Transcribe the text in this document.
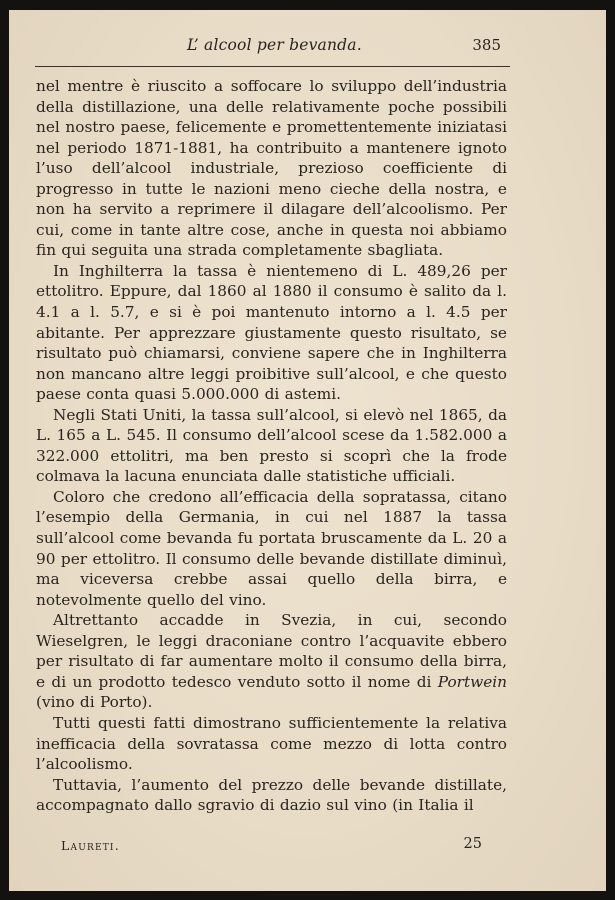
L’ alcool per bevanda.	385

nel mentre è riuscito a soffocare lo sviluppo dell’industria della distillazione, una delle relativamente poche possibili nel nostro paese, felicemente e promettentemente iniziatasi nel periodo 1871-1881, ha contribuito a mantenere ignoto l’uso dell’alcool industriale, prezioso coefficiente di progresso in tutte le nazioni meno cieche della nostra, e non ha servito a reprimere il dilagare dell’alcoolismo. Per cui, come in tante altre cose, anche in questa noi abbiamo fin qui seguita una strada completamente sbagliata.

In Inghilterra la tassa è nientemeno di L. 489,26 per ettolitro. Eppure, dal 1860 al 1880 il consumo è salito da l. 4.1 a l. 5.7, e si è poi mantenuto intorno a l. 4.5 per abitante. Per apprezzare giustamente questo risultato, se risultato può chiamarsi, conviene sapere che in Inghilterra non mancano altre leggi proibitive sull’alcool, e che questo paese conta quasi 5.000.000 di astemi.

Negli Stati Uniti, la tassa sull’alcool, si elevò nel 1865, da L. 165 a L. 545. Il consumo dell’alcool scese da 1.582.000 a 322.000 ettolitri, ma ben presto si scoprì che la frode colmava la lacuna enunciata dalle statistiche ufficiali.

Coloro che credono all’efficacia della sopratassa, citano l’esempio della Germania, in cui nel 1887 la tassa sull’alcool come bevanda fu portata bruscamente da L. 20 a 90 per ettolitro. Il consumo delle bevande distillate diminuì, ma viceversa crebbe assai quello della birra, e notevolmente quello del vino.

Altrettanto accadde in Svezia, in cui, secondo Wieselgren, le leggi draconiane contro l’acquavite ebbero per risultato di far aumentare molto il consumo della birra, e di un prodotto tedesco venduto sotto il nome di Portwein (vino di Porto).

Tutti questi fatti dimostrano sufficientemente la relativa inefficacia della sovratassa come mezzo di lotta contro l’alcoolismo.

Tuttavia, l’aumento del prezzo delle bevande distillate, accompagnato dallo sgravio di dazio sul vino (in Italia il

Laureti.	25
